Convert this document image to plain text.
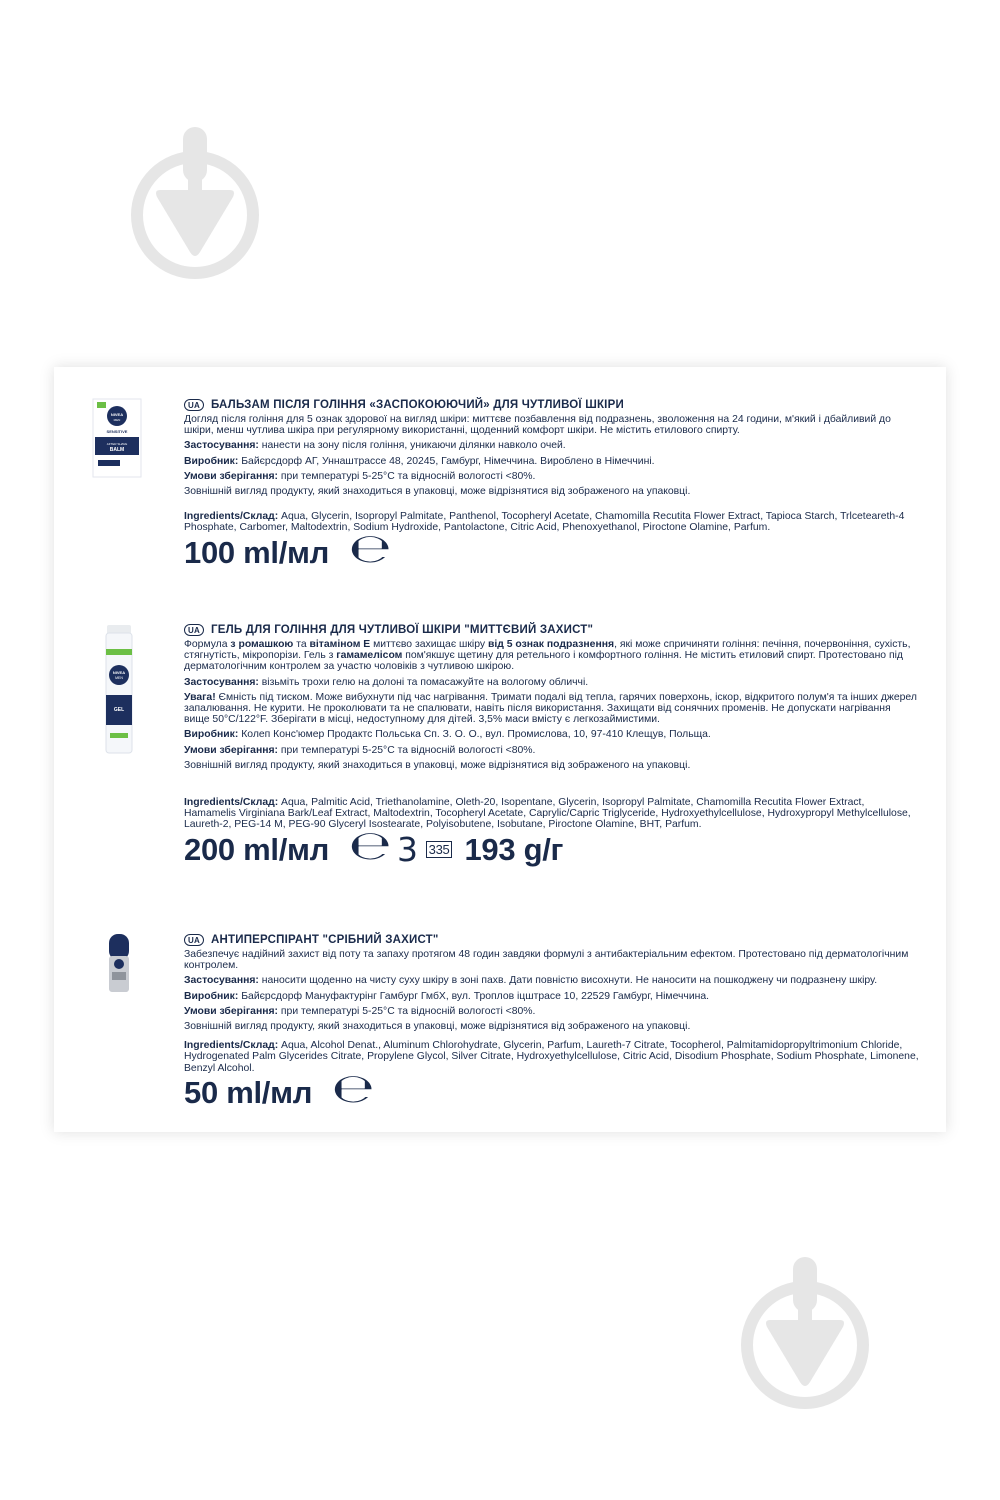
NIVEA
MEN
SENSITIVE
AFTER SHAVE
BALM
UA БАЛЬЗАМ ПІСЛЯ ГОЛІННЯ «ЗАСПОКОЮЮЧИЙ» ДЛЯ ЧУТЛИВОЇ ШКІРИ

Догляд після гоління для 5 ознак здорової на вигляд шкіри: миттєве позбавлення від подразнень, зволоження на 24 години, м'який і дбайливий до шкіри, менш чутлива шкіра при регулярному використанні, щоденний комфорт шкіри. Не містить етилового спирту.

Застосування: нанести на зону після гоління, уникаючи ділянки навколо очей.

Виробник: Байєрсдорф АГ, Уннаштрассе 48, 20245, Гамбург, Німеччина. Вироблено в Німеччині.

Умови зберігання: при температурі 5-25°C та відносній вологості <80%.

Зовнішній вигляд продукту, який знаходиться в упаковці, може відрізнятися від зображеного на упаковці.

Ingredients/Склад: Aqua, Glycerin, Isopropyl Palmitate, Panthenol, Tocopheryl Acetate, Chamomilla Recutita Flower Extract, Tapioca Starch, Trlceteareth-4 Phosphate, Carbomer, Maltodextrin, Sodium Hydroxide, Pantolactone, Citric Acid, Phenoxyethanol, Piroctone Olamine, Parfum.

100 ml/мл ℮
NIVEA
MEN
GEL
UA ГЕЛЬ ДЛЯ ГОЛІННЯ ДЛЯ ЧУТЛИВОЇ ШКІРИ "МИТТЄВИЙ ЗАХИСТ"

Формула з ромашкою та вітаміном Е миттєво захищає шкіру від 5 ознак подразнення, які може спричиняти гоління: печіння, почервоніння, сухість, стягнутість, мікропорізи. Гель з гамамелісом пом'якшує щетину для ретельного і комфортного гоління. Не містить етиловий спирт. Протестовано під дерматологічним контролем за участю чоловіків з чутливою шкірою.

Застосування: візьміть трохи гелю на долоні та помасажуйте на вологому обличчі.

Увага! Ємність під тиском. Може вибухнути під час нагрівання. Тримати подалі від тепла, гарячих поверхонь, іскор, відкритого полум'я та інших джерел запалювання. Не курити. Не проколювати та не спалювати, навіть після використання. Захищати від сонячних променів. Не допускати нагрівання вище 50°C/122°F. Зберігати в місці, недоступному для дітей. 3,5% маси вмісту є легкозаймистими.

Виробник: Колеп Конс'юмер Продактс Польська Сп. З. О. О., вул. Промислова, 10, 97-410 Клещув, Польща.

Умови зберігання: при температурі 5-25°C та відносній вологості <80%.

Зовнішній вигляд продукту, який знаходиться в упаковці, може відрізнятися від зображеного на упаковці.

Ingredients/Склад: Aqua, Palmitic Acid, Triethanolamine, Oleth-20, Isopentane, Glycerin, Isopropyl Palmitate, Chamomilla Recutita Flower Extract, Hamamelis Virginiana Bark/Leaf Extract, Maltodextrin, Tocopheryl Acetate, Caprylic/Capric Triglyceride, Hydroxyethylcellulose, Hydroxypropyl Methylcellulose, Laureth-2, PEG-14 M, PEG-90 Glyceryl Isostearate, Polyisobutene, Isobutane, Piroctone Olamine, BHT, Parfum.

200 ml/мл ℮ 3 335 193 g/г
UA АНТИПЕРСПІРАНТ "СРІБНИЙ ЗАХИСТ"

Забезпечує надійний захист від поту та запаху протягом 48 годин завдяки формулі з антибактеріальним ефектом. Протестовано під дерматологічним контролем.

Застосування: наносити щоденно на чисту суху шкіру в зоні пахв. Дати повністю висохнути. Не наносити на пошкоджену чи подразнену шкіру.

Виробник: Байєрсдорф Мануфактурінг Гамбург ГмбХ, вул. Троплов іцштрасе 10, 22529 Гамбург, Німеччина.

Умови зберігання: при температурі 5-25°C та відносній вологості <80%.

Зовнішній вигляд продукту, який знаходиться в упаковці, може відрізнятися від зображеного на упаковці.

Ingredients/Склад: Aqua, Alcohol Denat., Aluminum Chlorohydrate, Glycerin, Parfum, Laureth-7 Citrate, Tocopherol, Palmitamidopropyltrimonium Chloride, Hydrogenated Palm Glycerides Citrate, Propylene Glycol, Silver Citrate, Hydroxyethylcellulose, Citric Acid, Disodium Phosphate, Sodium Phosphate, Limonene, Benzyl Alcohol.

50 ml/мл ℮
